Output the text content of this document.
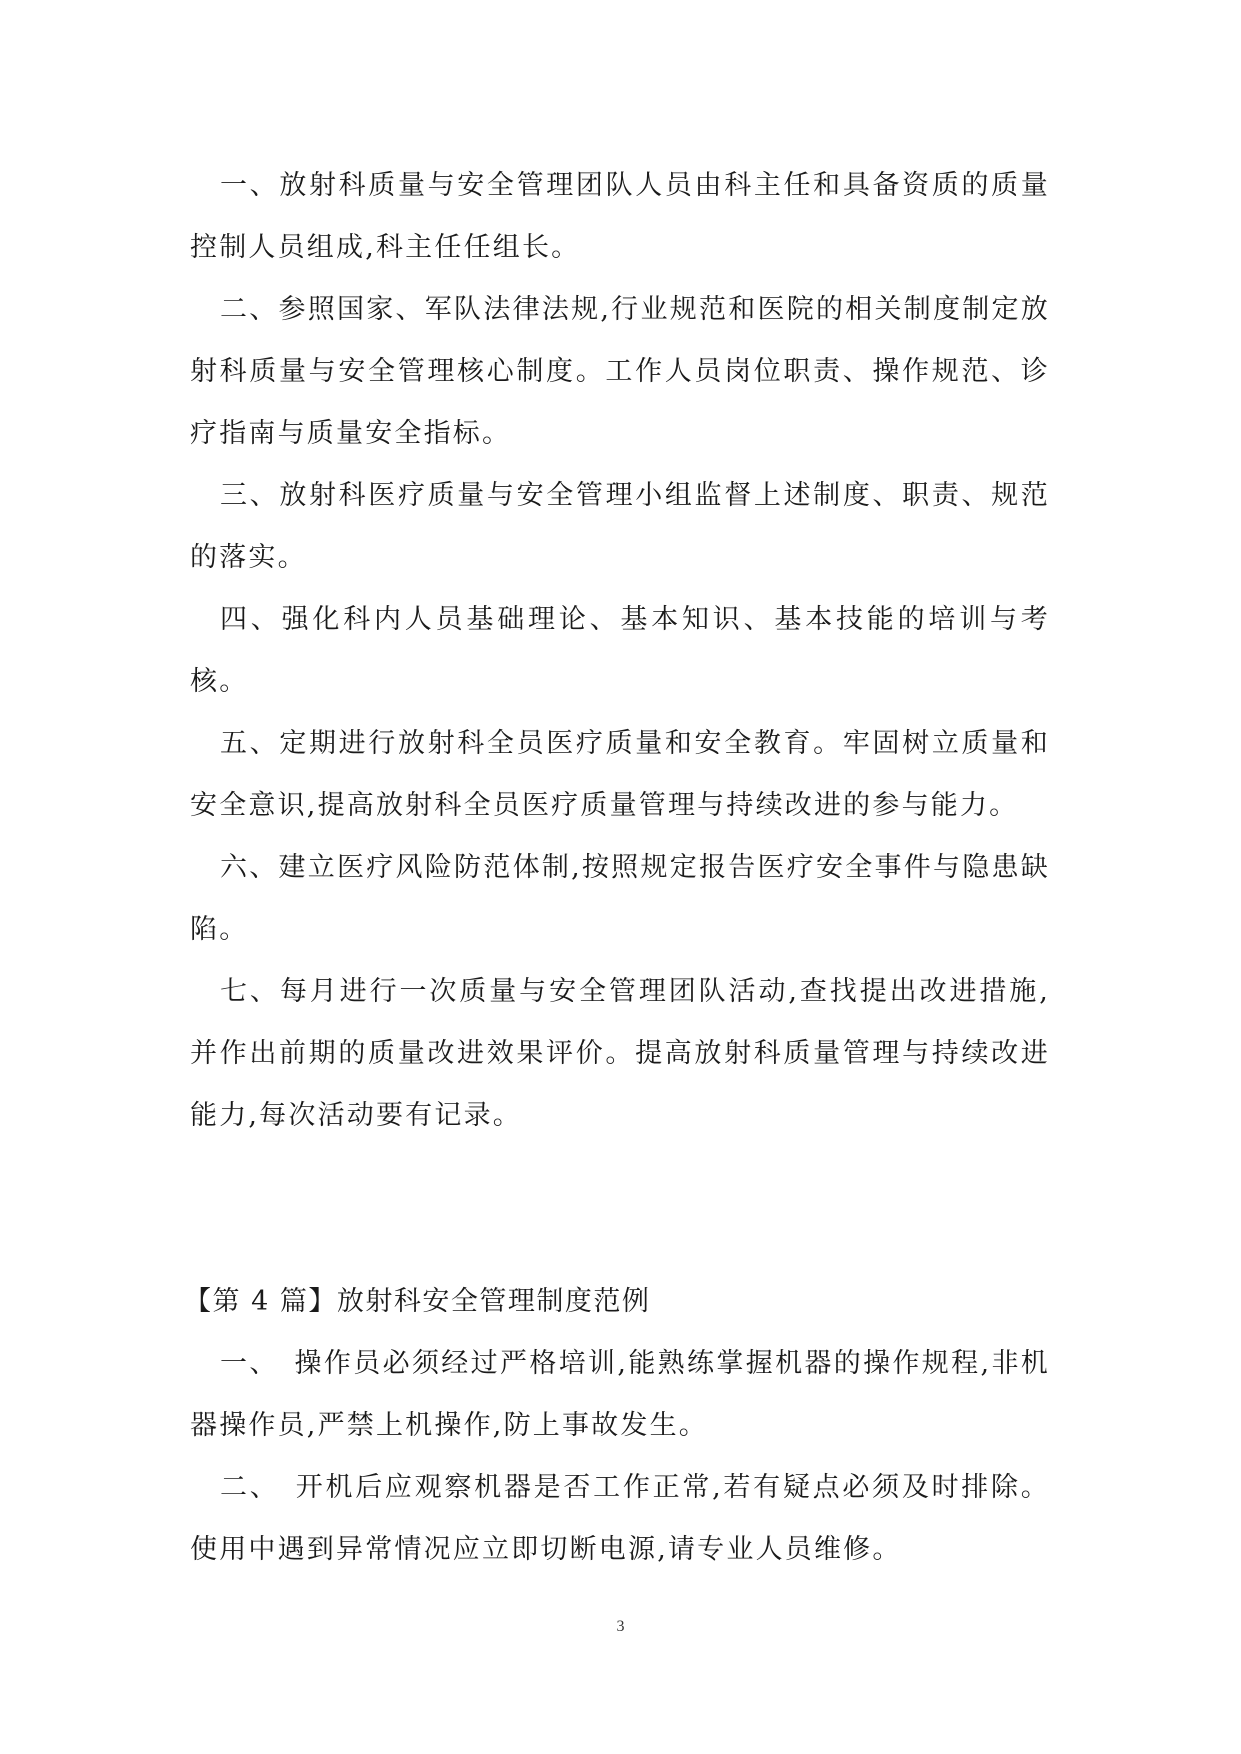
一、放射科质量与安全管理团队人员由科主任和具备资质的质量控制人员组成,科主任任组长。

二、参照国家、军队法律法规,行业规范和医院的相关制度制定放射科质量与安全管理核心制度。工作人员岗位职责、操作规范、诊疗指南与质量安全指标。

三、放射科医疗质量与安全管理小组监督上述制度、职责、规范的落实。

四、强化科内人员基础理论、基本知识、基本技能的培训与考核。

五、定期进行放射科全员医疗质量和安全教育。牢固树立质量和安全意识,提高放射科全员医疗质量管理与持续改进的参与能力。

六、建立医疗风险防范体制,按照规定报告医疗安全事件与隐患缺陷。

七、每月进行一次质量与安全管理团队活动,查找提出改进措施,并作出前期的质量改进效果评价。提高放射科质量管理与持续改进能力,每次活动要有记录。

【第 4 篇】放射科安全管理制度范例

一、　操作员必须经过严格培训,能熟练掌握机器的操作规程,非机器操作员,严禁上机操作,防上事故发生。

二、　开机后应观察机器是否工作正常,若有疑点必须及时排除。使用中遇到异常情况应立即切断电源,请专业人员维修。

3
